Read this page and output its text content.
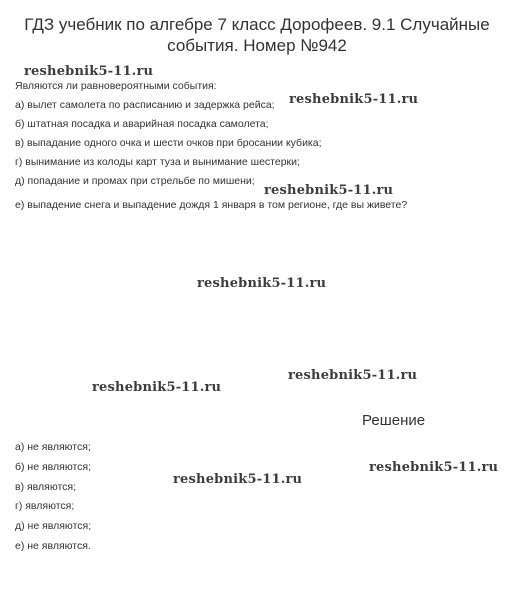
ГДЗ учебник по алгебре 7 класс Дорофеев. 9.1 Случайные
события. Номер №942
Являются ли равновероятными события:
а) вылет самолета по расписанию и задержка рейса;
б) штатная посадка и аварийная посадка самолета;
в) выпадание одного очка и шести очков при бросании кубика;
г) вынимание из колоды карт туза и вынимание шестерки;
д) попадание и промах при стрельбе по мишени;
е) выпадение снега и выпадение дождя 1 января в том регионе, где вы живете?
Решение
а) не являются;
б) не являются;
в) являются;
г) являются;
д) не являются;
е) не являются.
reshebnik5-11.ru
reshebnik5-11.ru
reshebnik5-11.ru
reshebnik5-11.ru
reshebnik5-11.ru
reshebnik5-11.ru
reshebnik5-11.ru
reshebnik5-11.ru
